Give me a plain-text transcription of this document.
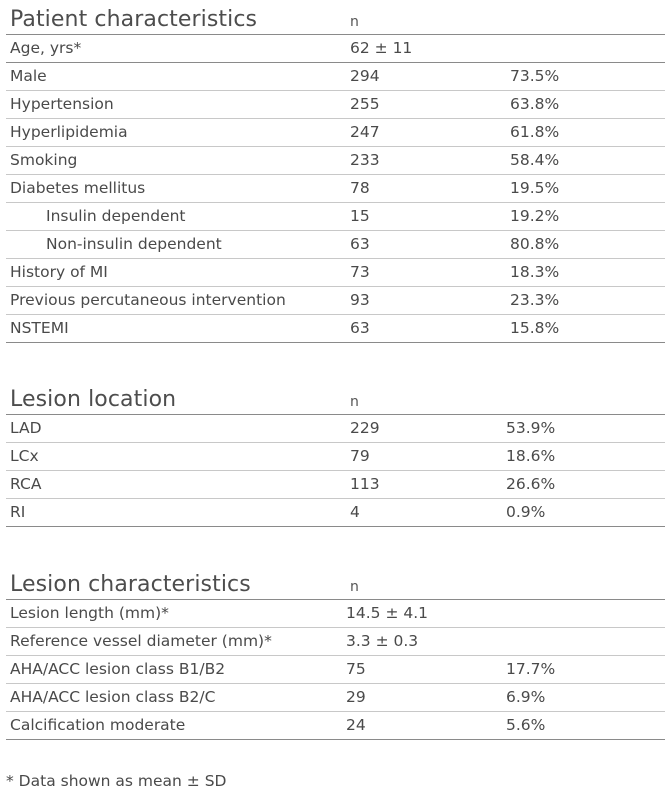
Patient characteristics	n
Age, yrs*	62 ± 11
Male	294	73.5%
Hypertension	255	63.8%
Hyperlipidemia	247	61.8%
Smoking	233	58.4%
Diabetes mellitus	78	19.5%
Insulin dependent	15	19.2%
Non-insulin dependent	63	80.8%
History of MI	73	18.3%
Previous percutaneous intervention	93	23.3%
NSTEMI	63	15.8%
Lesion location	n
LAD	229	53.9%
LCx	79	18.6%
RCA	113	26.6%
RI	4	0.9%
Lesion characteristics	n
Lesion length (mm)*	14.5 ± 4.1
Reference vessel diameter (mm)*	3.3 ± 0.3
AHA/ACC lesion class B1/B2	75	17.7%
AHA/ACC lesion class B2/C	29	6.9%
Calcification moderate	24	5.6%
* Data shown as mean ± SD
